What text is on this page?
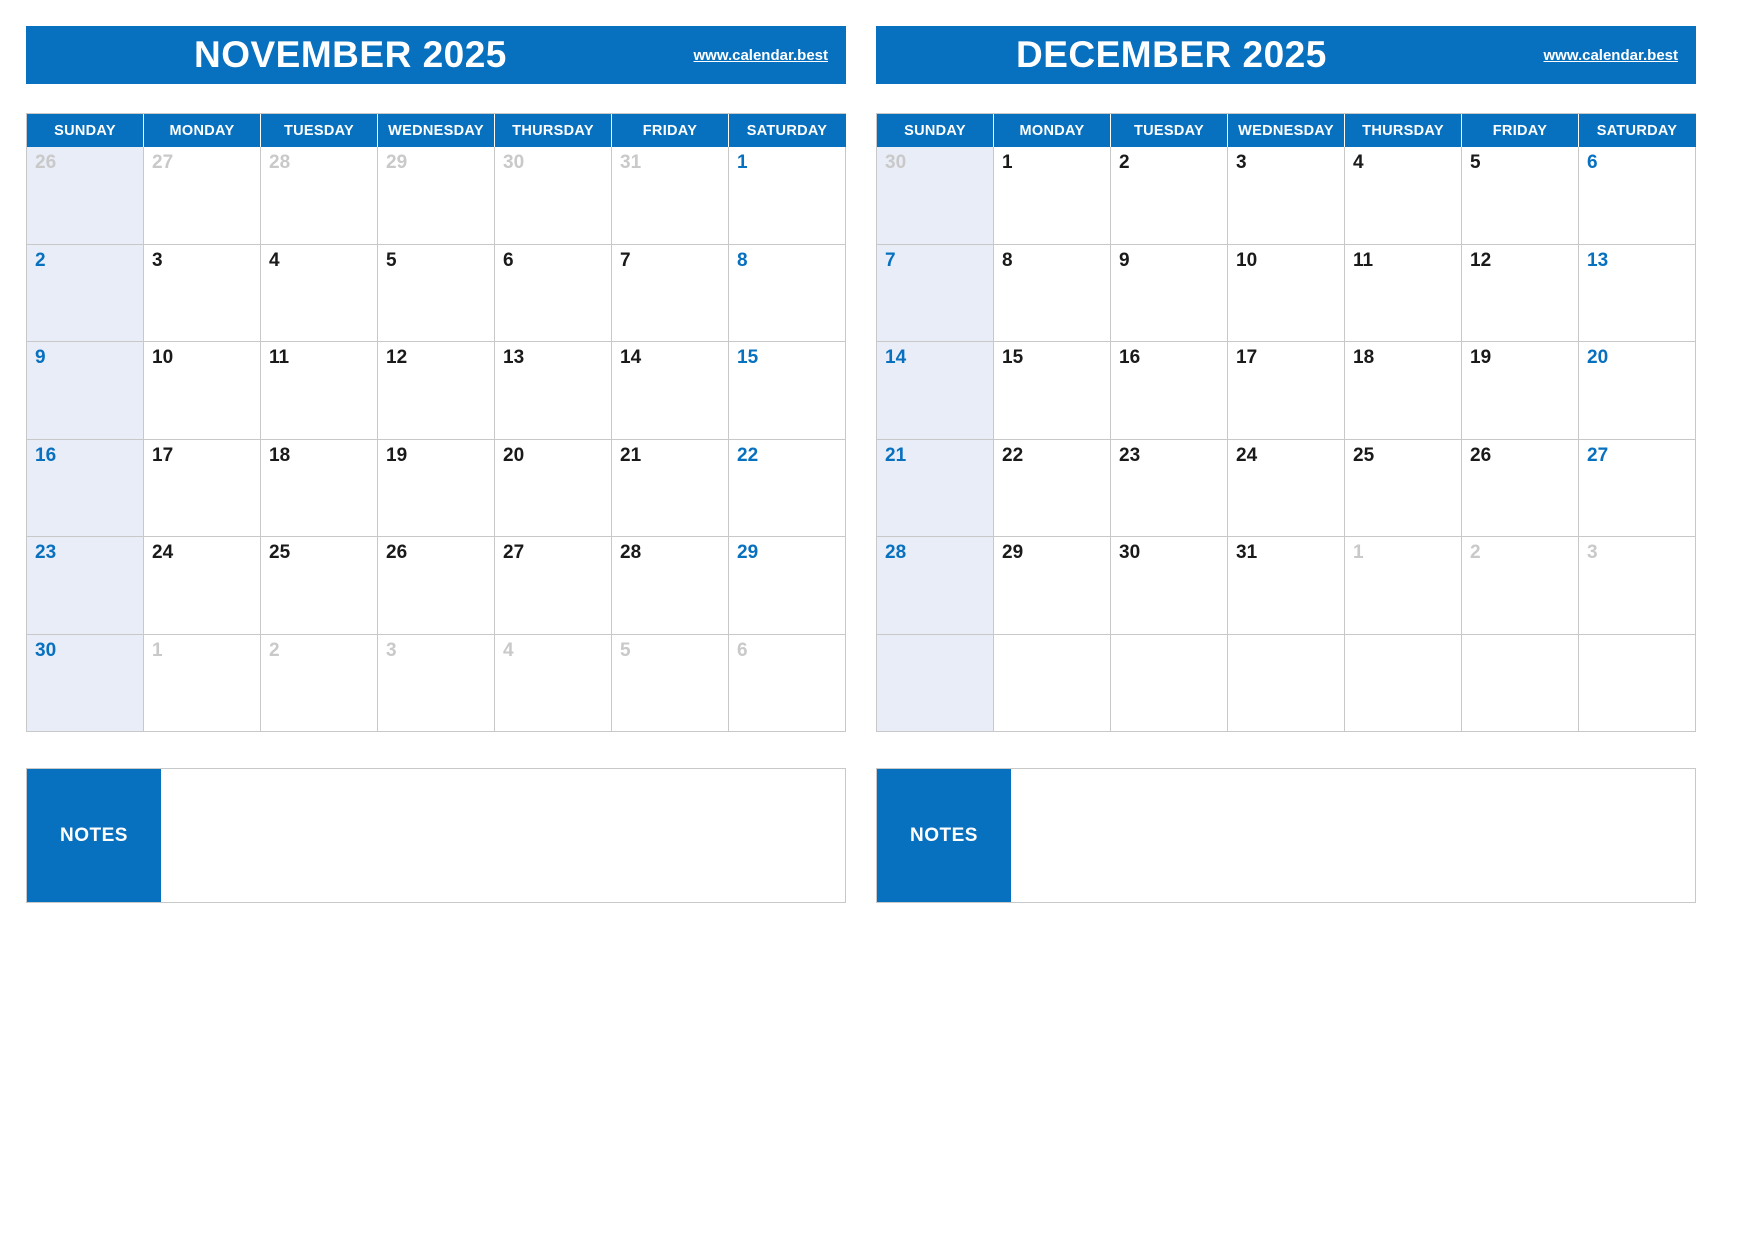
NOVEMBER 2025	www.calendar.best
SUNDAY	MONDAY	TUESDAY	WEDNESDAY	THURSDAY	FRIDAY	SATURDAY
26	27	28	29	30	31	1
2	3	4	5	6	7	8
9	10	11	12	13	14	15
16	17	18	19	20	21	22
23	24	25	26	27	28	29
30	1	2	3	4	5	6
NOTES
DECEMBER 2025	www.calendar.best
SUNDAY	MONDAY	TUESDAY	WEDNESDAY	THURSDAY	FRIDAY	SATURDAY
30	1	2	3	4	5	6
7	8	9	10	11	12	13
14	15	16	17	18	19	20
21	22	23	24	25	26	27
28	29	30	31	1	2	3
NOTES
